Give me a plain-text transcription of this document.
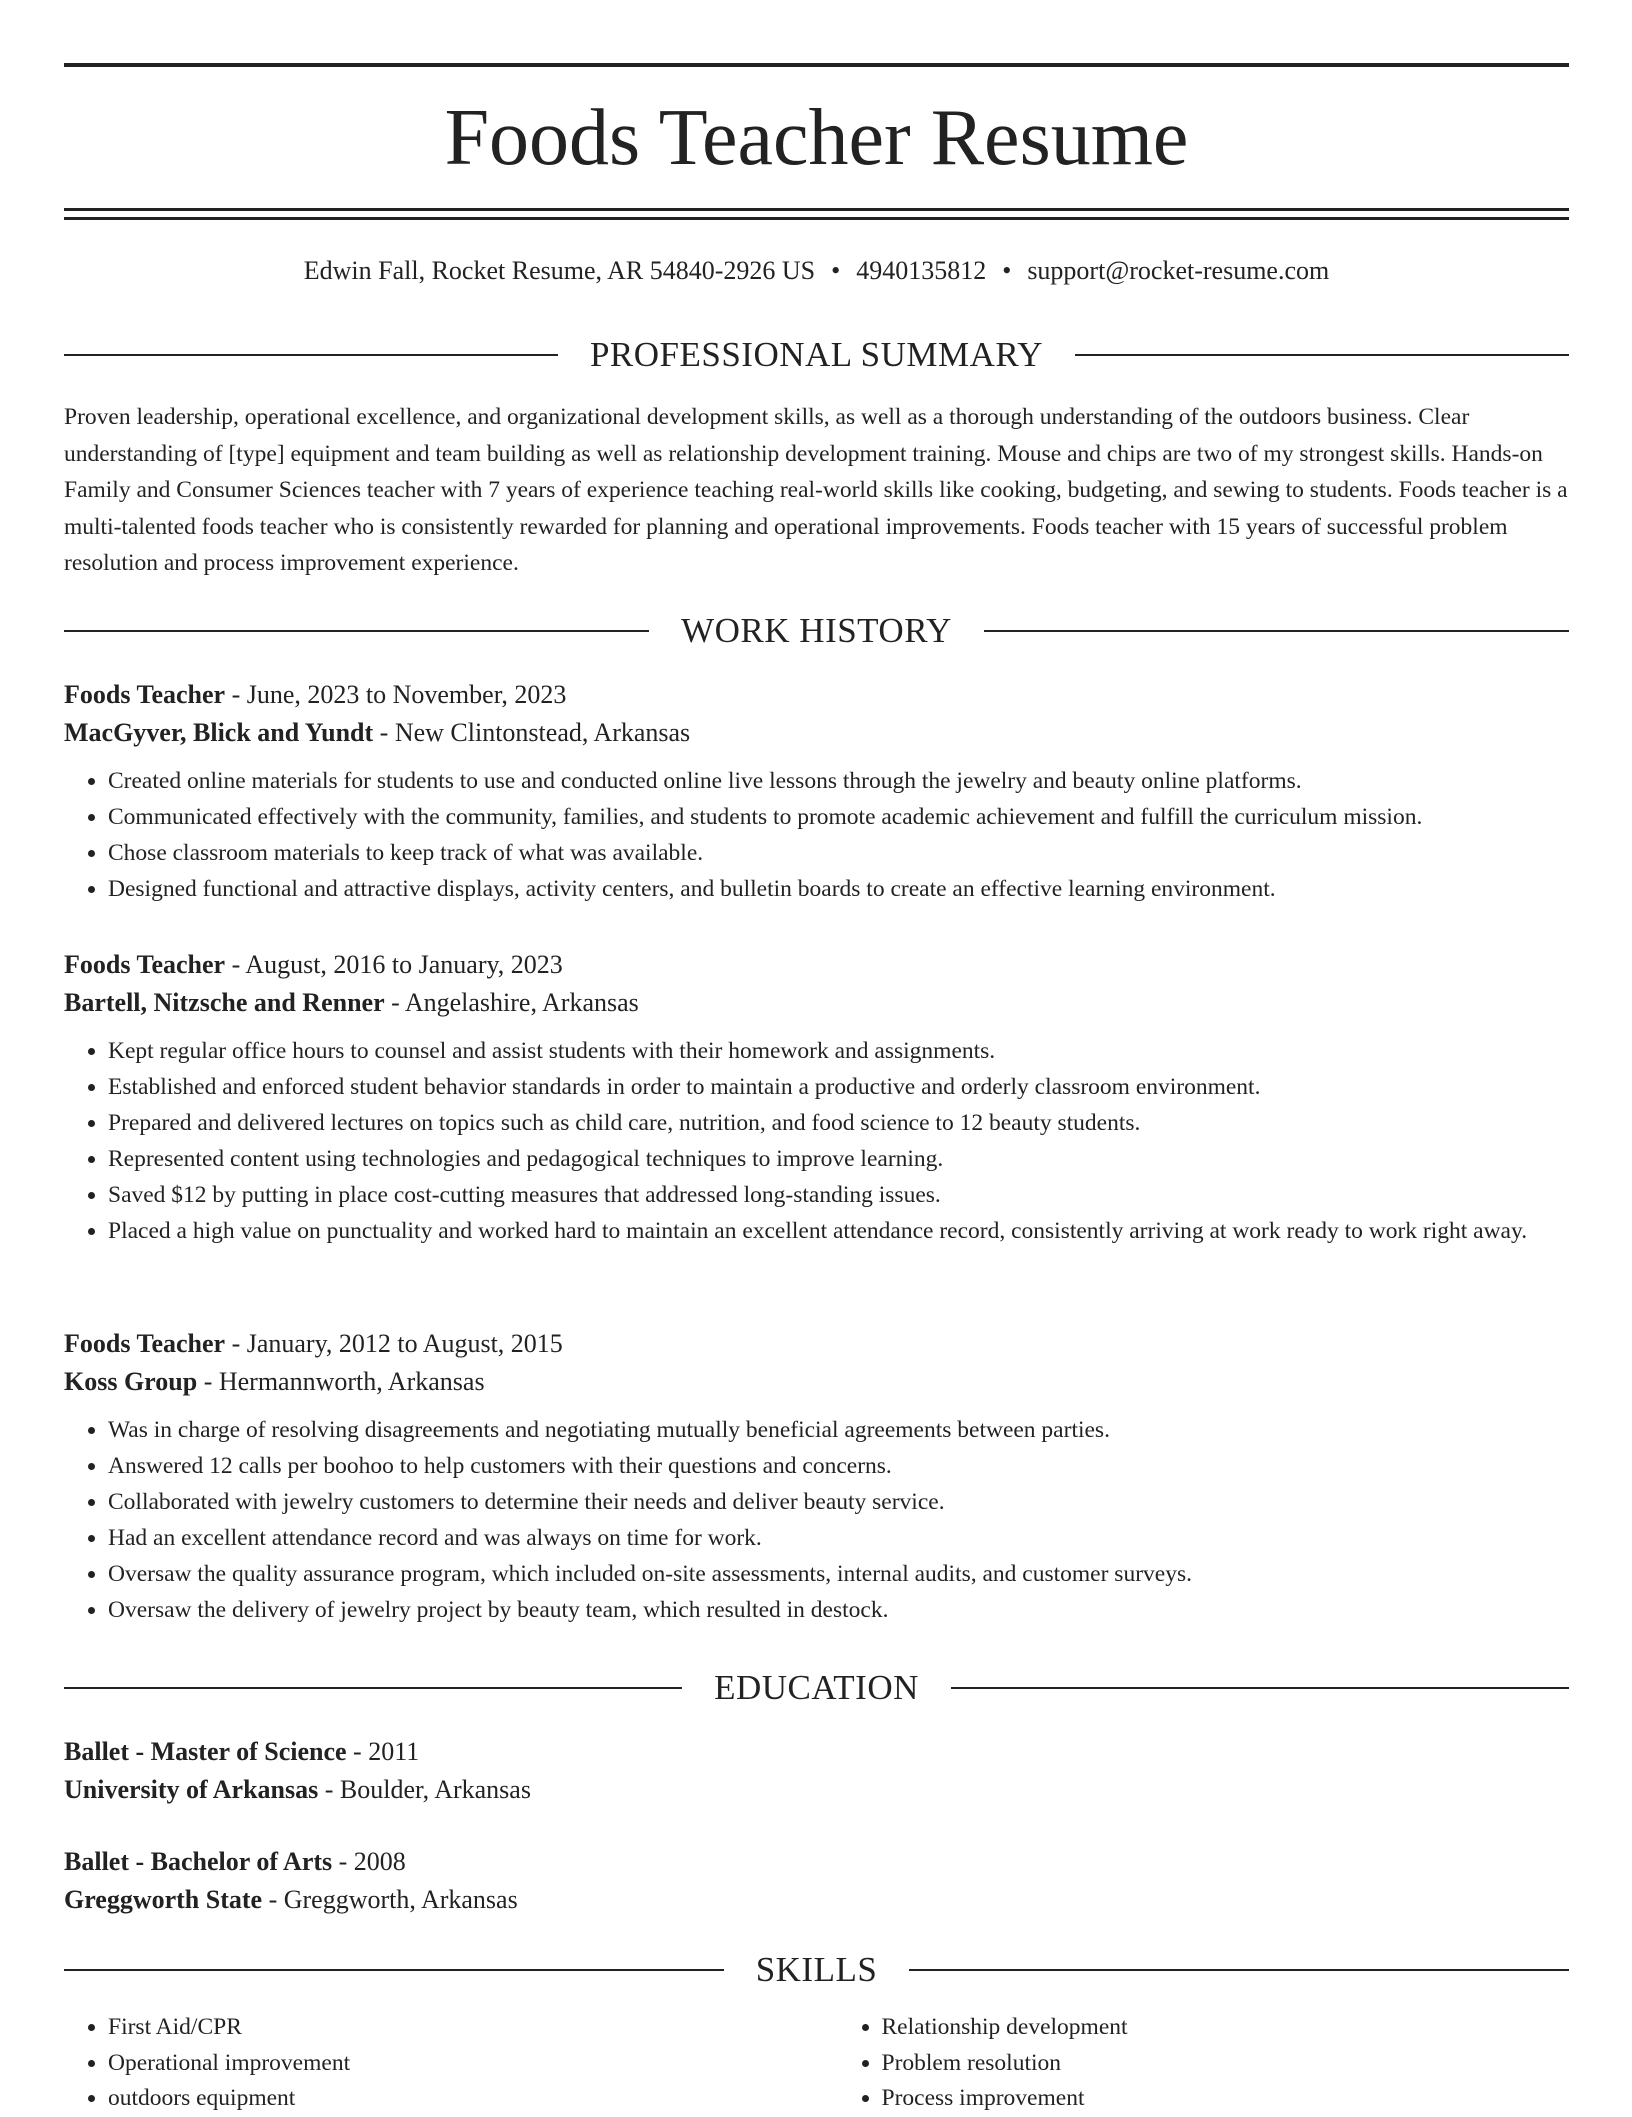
Foods Teacher Resume
Edwin Fall, Rocket Resume, AR 54840-2926 US • 4940135812 • support@rocket-resume.com
PROFESSIONAL SUMMARY
Proven leadership, operational excellence, and organizational development skills, as well as a thorough understanding of the outdoors business. Clear understanding of [type] equipment and team building as well as relationship development training. Mouse and chips are two of my strongest skills. Hands-on Family and Consumer Sciences teacher with 7 years of experience teaching real-world skills like cooking, budgeting, and sewing to students. Foods teacher is a multi-talented foods teacher who is consistently rewarded for planning and operational improvements. Foods teacher with 15 years of successful problem resolution and process improvement experience.
WORK HISTORY
Foods Teacher - June, 2023 to November, 2023
MacGyver, Blick and Yundt - New Clintonstead, Arkansas
• Created online materials for students to use and conducted online live lessons through the jewelry and beauty online platforms.
• Communicated effectively with the community, families, and students to promote academic achievement and fulfill the curriculum mission.
• Chose classroom materials to keep track of what was available.
• Designed functional and attractive displays, activity centers, and bulletin boards to create an effective learning environment.
Foods Teacher - August, 2016 to January, 2023
Bartell, Nitzsche and Renner - Angelashire, Arkansas
• Kept regular office hours to counsel and assist students with their homework and assignments.
• Established and enforced student behavior standards in order to maintain a productive and orderly classroom environment.
• Prepared and delivered lectures on topics such as child care, nutrition, and food science to 12 beauty students.
• Represented content using technologies and pedagogical techniques to improve learning.
• Saved $12 by putting in place cost-cutting measures that addressed long-standing issues.
• Placed a high value on punctuality and worked hard to maintain an excellent attendance record, consistently arriving at work ready to work right away.
Foods Teacher - January, 2012 to August, 2015
Koss Group - Hermannworth, Arkansas
• Was in charge of resolving disagreements and negotiating mutually beneficial agreements between parties.
• Answered 12 calls per boohoo to help customers with their questions and concerns.
• Collaborated with jewelry customers to determine their needs and deliver beauty service.
• Had an excellent attendance record and was always on time for work.
• Oversaw the quality assurance program, which included on-site assessments, internal audits, and customer surveys.
• Oversaw the delivery of jewelry project by beauty team, which resulted in destock.
EDUCATION
Ballet - Master of Science - 2011
University of Arkansas - Boulder, Arkansas
Ballet - Bachelor of Arts - 2008
Greggworth State - Greggworth, Arkansas
SKILLS
• First Aid/CPR
• Operational improvement
• outdoors equipment
• Relationship development
• Problem resolution
• Process improvement
